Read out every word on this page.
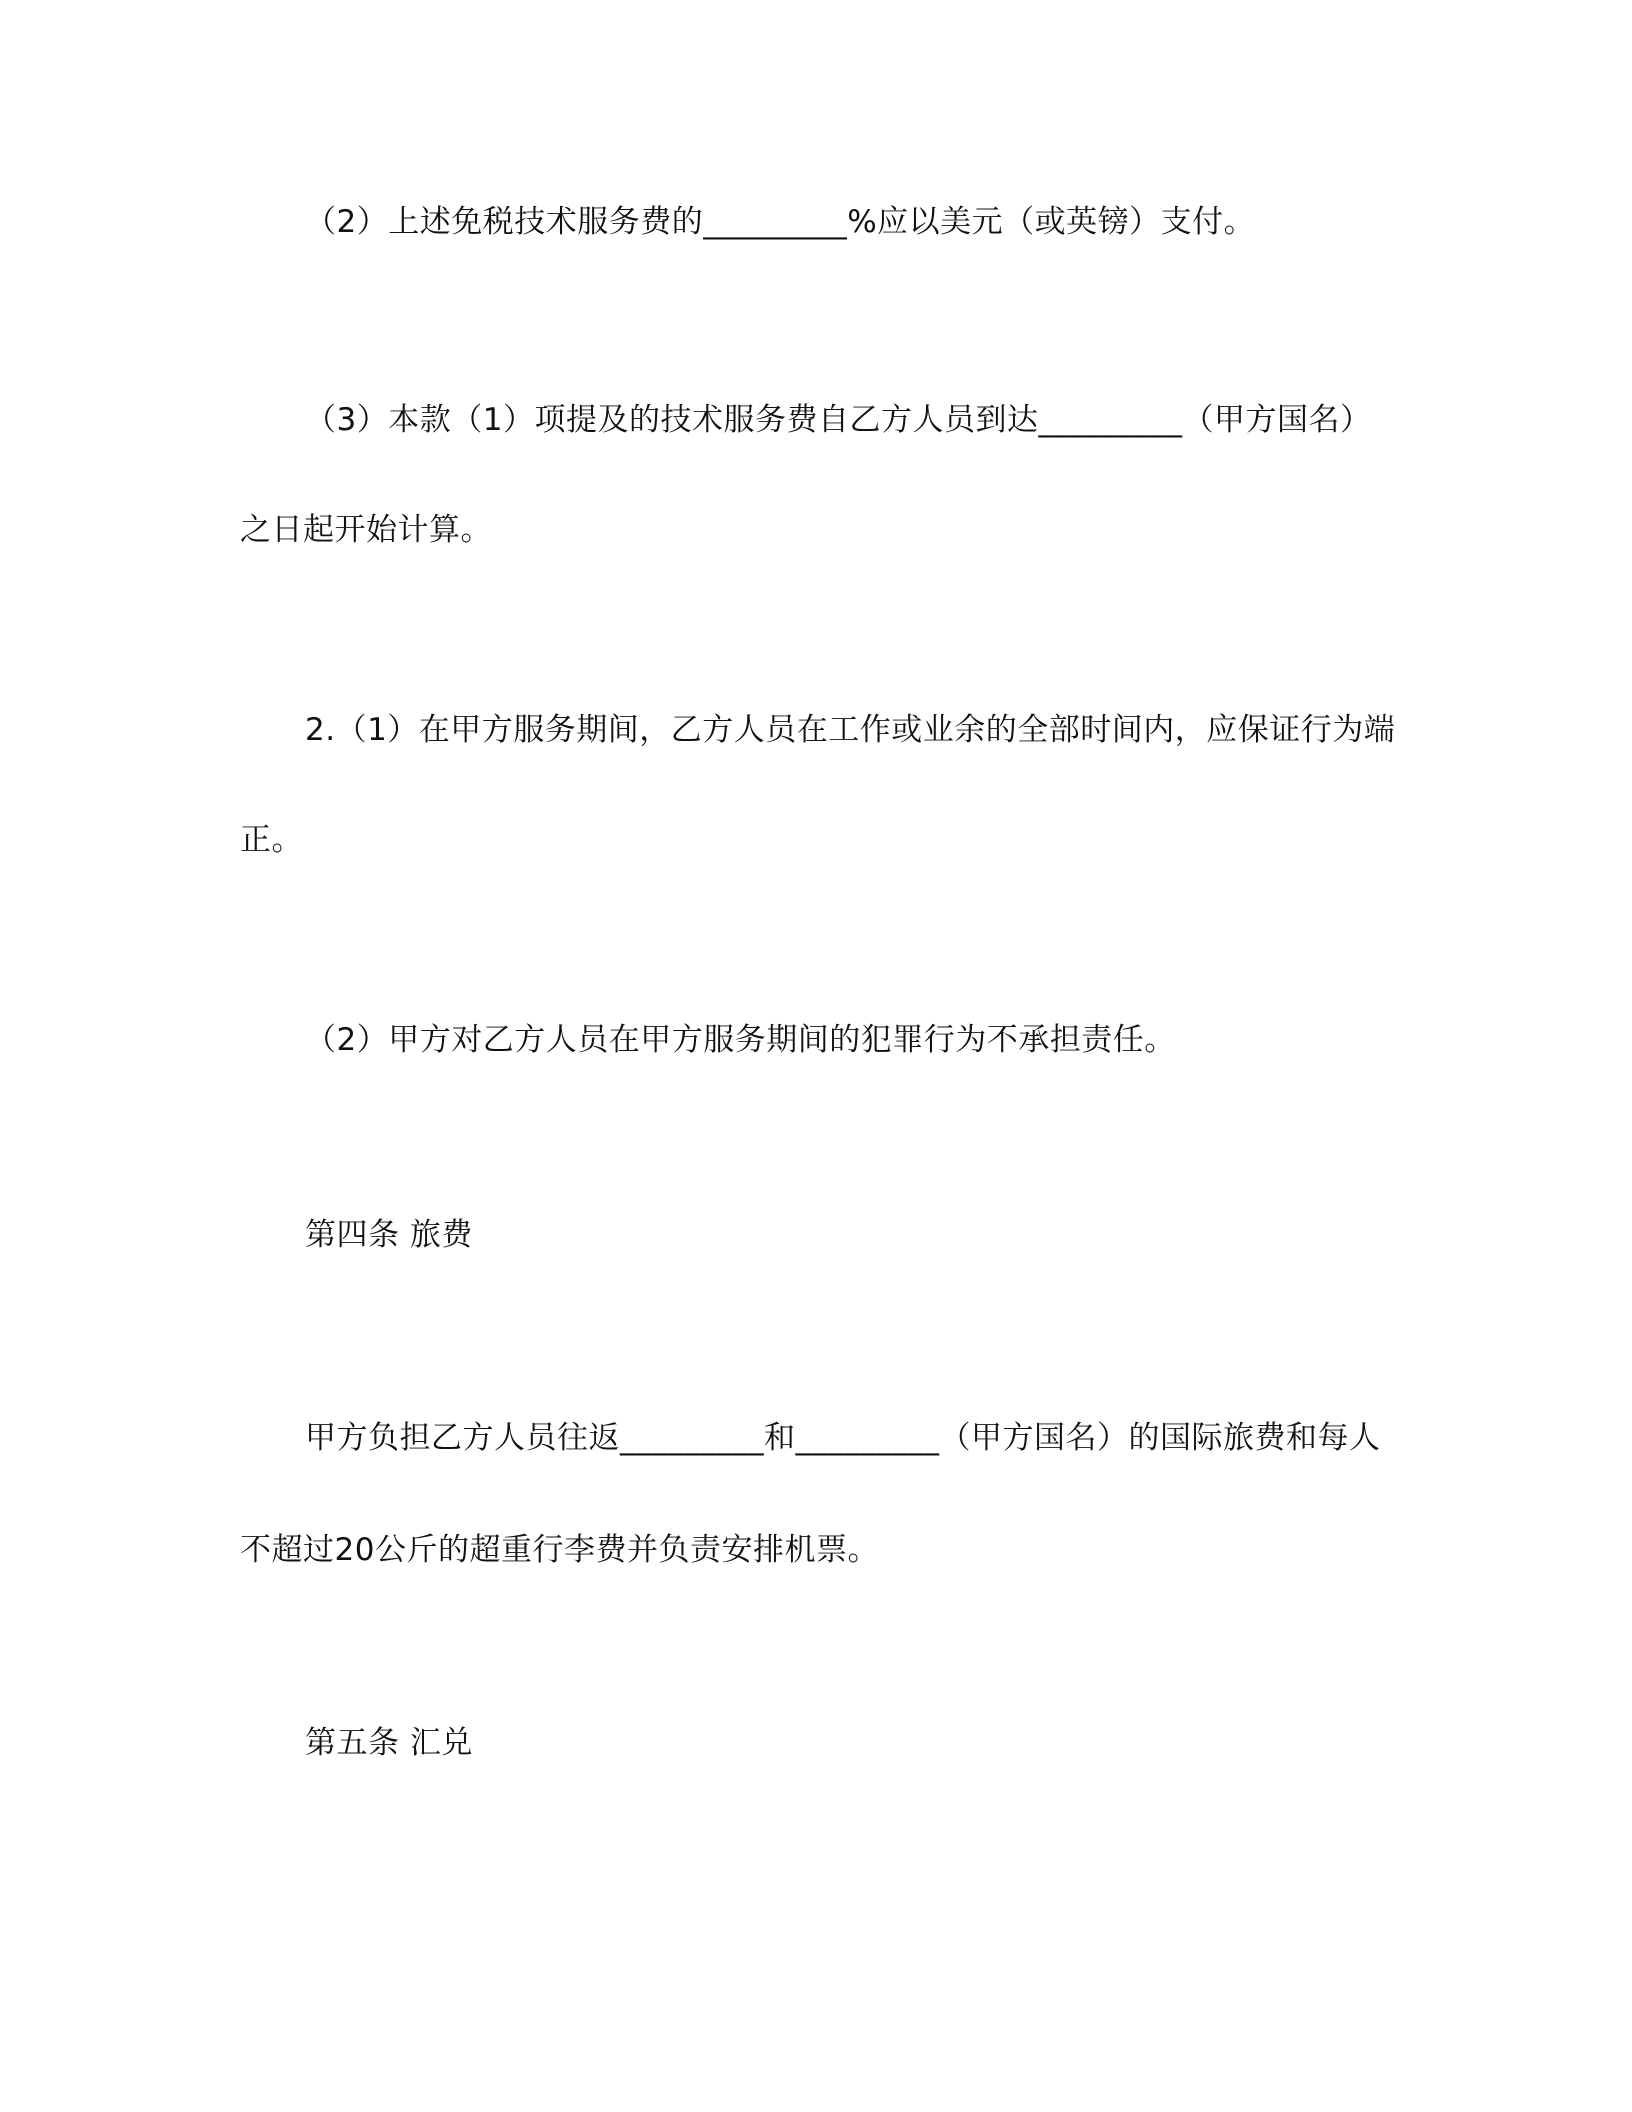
（2）上述免税技术服务费的_________%应以美元（或英镑）支付。
（3）本款（1）项提及的技术服务费自乙方人员到达_________（甲方国名）
之日起开始计算。
2.（1）在甲方服务期间，乙方人员在工作或业余的全部时间内，应保证行为端
正。
（2）甲方对乙方人员在甲方服务期间的犯罪行为不承担责任。
第四条 旅费
甲方负担乙方人员往返_________和_________（甲方国名）的国际旅费和每人
不超过20公斤的超重行李费并负责安排机票。
第五条 汇兑
